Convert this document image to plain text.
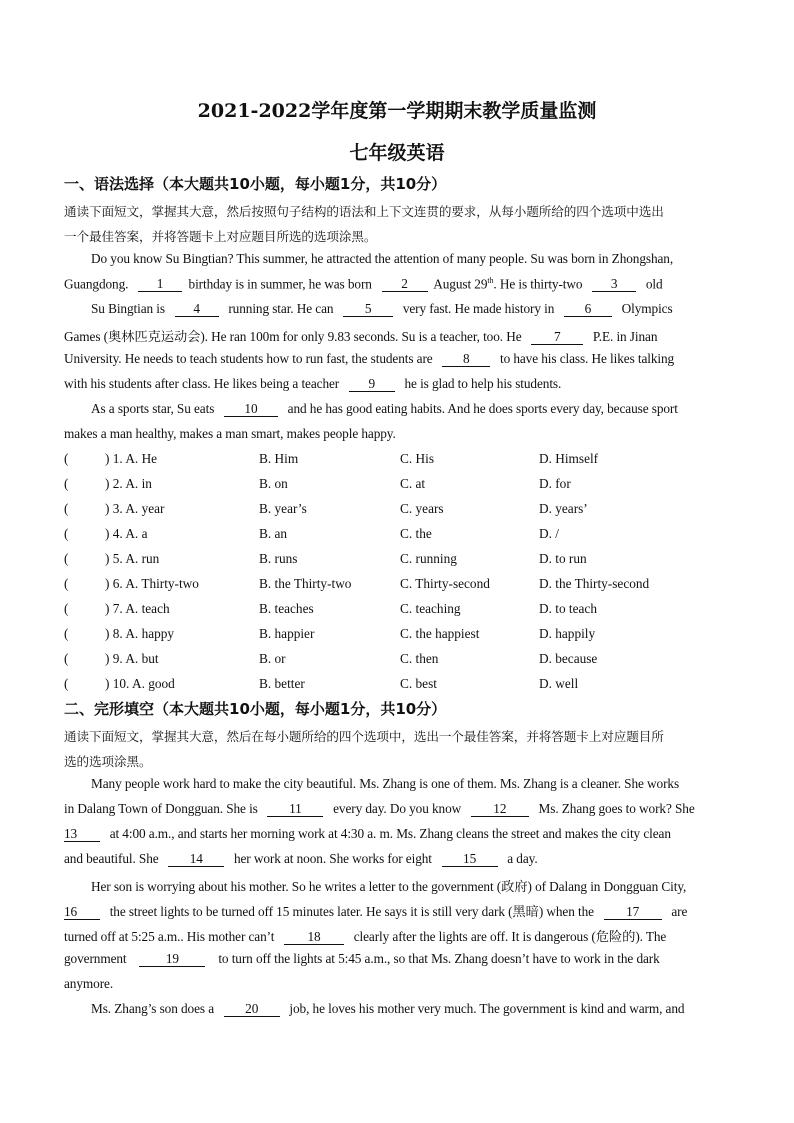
2021-2022学年度第一学期期末教学质量监测
七年级英语
一、语法选择（本大题共10小题，每小题1分，共10分）
通读下面短文，掌握其大意，然后按照句子结构的语法和上下文连贯的要求，从每小题所给的四个选项中选出
一个最佳答案，并将答题卡上对应题目所选的选项涂黑。
Do you know Su Bingtian? This summer, he attracted the attention of many people. Su was born in Zhongshan,
Guangdong. 1 birthday is in summer, he was born 2 August 29th. He is thirty-two 3 old
Su Bingtian is 4 running star. He can 5 very fast. He made history in 6 Olympics
Games (奥林匹克运动会). He ran 100m for only 9.83 seconds. Su is a teacher, too. He 7 P.E. in Jinan
University. He needs to teach students how to run fast, the students are 8 to have his class. He likes talking
with his students after class. He likes being a teacher 9 he is glad to help his students.
As a sports star, Su eats 10 and he has good eating habits. And he does sports every day, because sport
makes a man healthy, makes a man smart, makes people happy.
(	) 1. A. He	B. Him	C. His	D. Himself
(	) 2. A. in	B. on	C. at	D. for
(	) 3. A. year	B. year’s	C. years	D. years’
(	) 4. A. a	B. an	C. the	D. /
(	) 5. A. run	B. runs	C. running	D. to run
(	) 6. A. Thirty-two	B. the Thirty-two	C. Thirty-second	D. the Thirty-second
(	) 7. A. teach	B. teaches	C. teaching	D. to teach
(	) 8. A. happy	B. happier	C. the happiest	D. happily
(	) 9. A. but	B. or	C. then	D. because
(	) 10. A. good	B. better	C. best	D. well
二、完形填空（本大题共10小题，每小题1分，共10分）
通读下面短文，掌握其大意，然后在每小题所给的四个选项中，选出一个最佳答案，并将答题卡上对应题目所
选的选项涂黑。
Many people work hard to make the city beautiful. Ms. Zhang is one of them. Ms. Zhang is a cleaner. She works
in Dalang Town of Dongguan. She is 11 every day. Do you know 12 Ms. Zhang goes to work? She
13 at 4:00 a.m., and starts her morning work at 4:30 a. m. Ms. Zhang cleans the street and makes the city clean
and beautiful. She 14 her work at noon. She works for eight 15 a day.
Her son is worrying about his mother. So he writes a letter to the government (政府) of Dalang in Dongguan City,
16 the street lights to be turned off 15 minutes later. He says it is still very dark (黑暗) when the 17 are
turned off at 5:25 a.m.. His mother can’t 18 clearly after the lights are off. It is dangerous (危险的). The
government	19	to turn off the lights at 5:45 a.m., so that Ms. Zhang doesn’t have to work in the dark
anymore.
Ms. Zhang’s son does a 20 job, he loves his mother very much. The government is kind and warm, and
